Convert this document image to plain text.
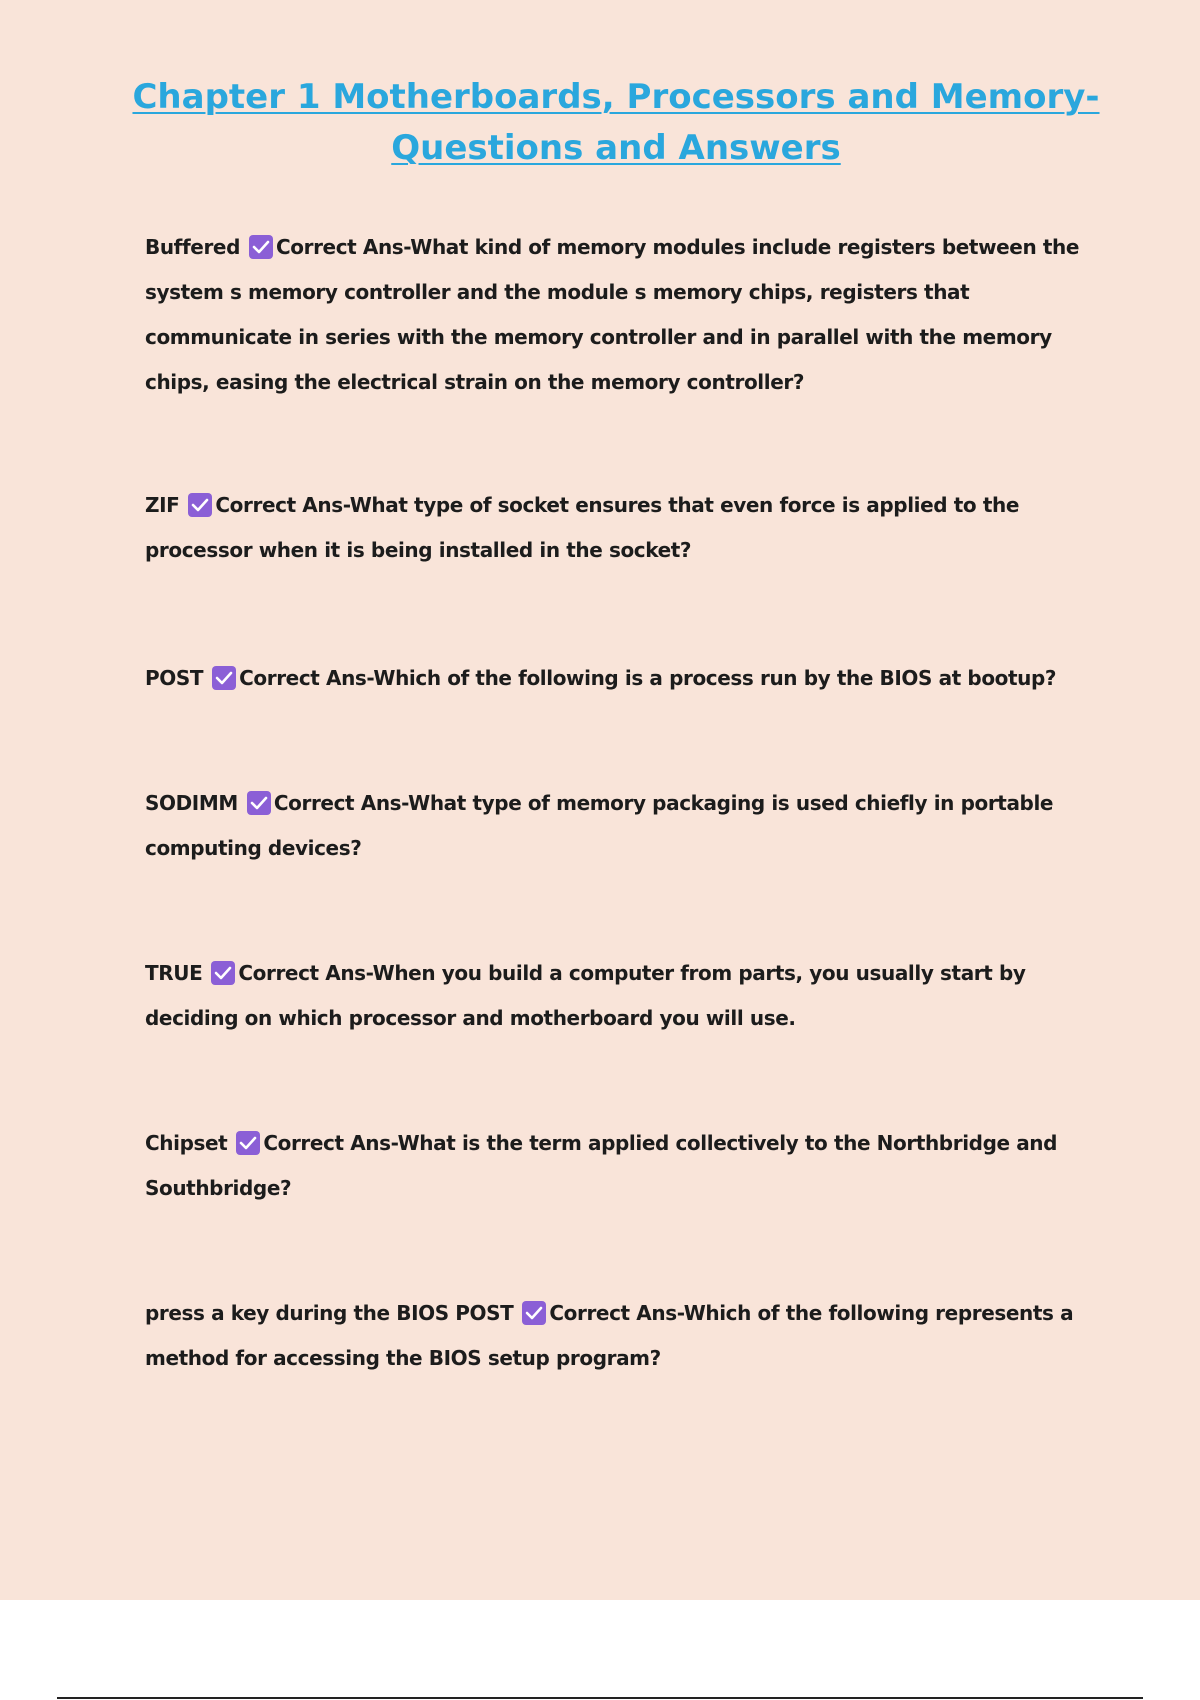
Chapter 1 Motherboards, Processors and Memory- Questions and Answers

Buffered Correct Ans-What kind of memory modules include registers between the system s memory controller and the module s memory chips, registers that communicate in series with the memory controller and in parallel with the memory chips, easing the electrical strain on the memory controller?

ZIF Correct Ans-What type of socket ensures that even force is applied to the processor when it is being installed in the socket?

POST Correct Ans-Which of the following is a process run by the BIOS at bootup?

SODIMM Correct Ans-What type of memory packaging is used chiefly in portable computing devices?

TRUE Correct Ans-When you build a computer from parts, you usually start by deciding on which processor and motherboard you will use.

Chipset Correct Ans-What is the term applied collectively to the Northbridge and Southbridge?

press a key during the BIOS POST Correct Ans-Which of the following represents a method for accessing the BIOS setup program?
